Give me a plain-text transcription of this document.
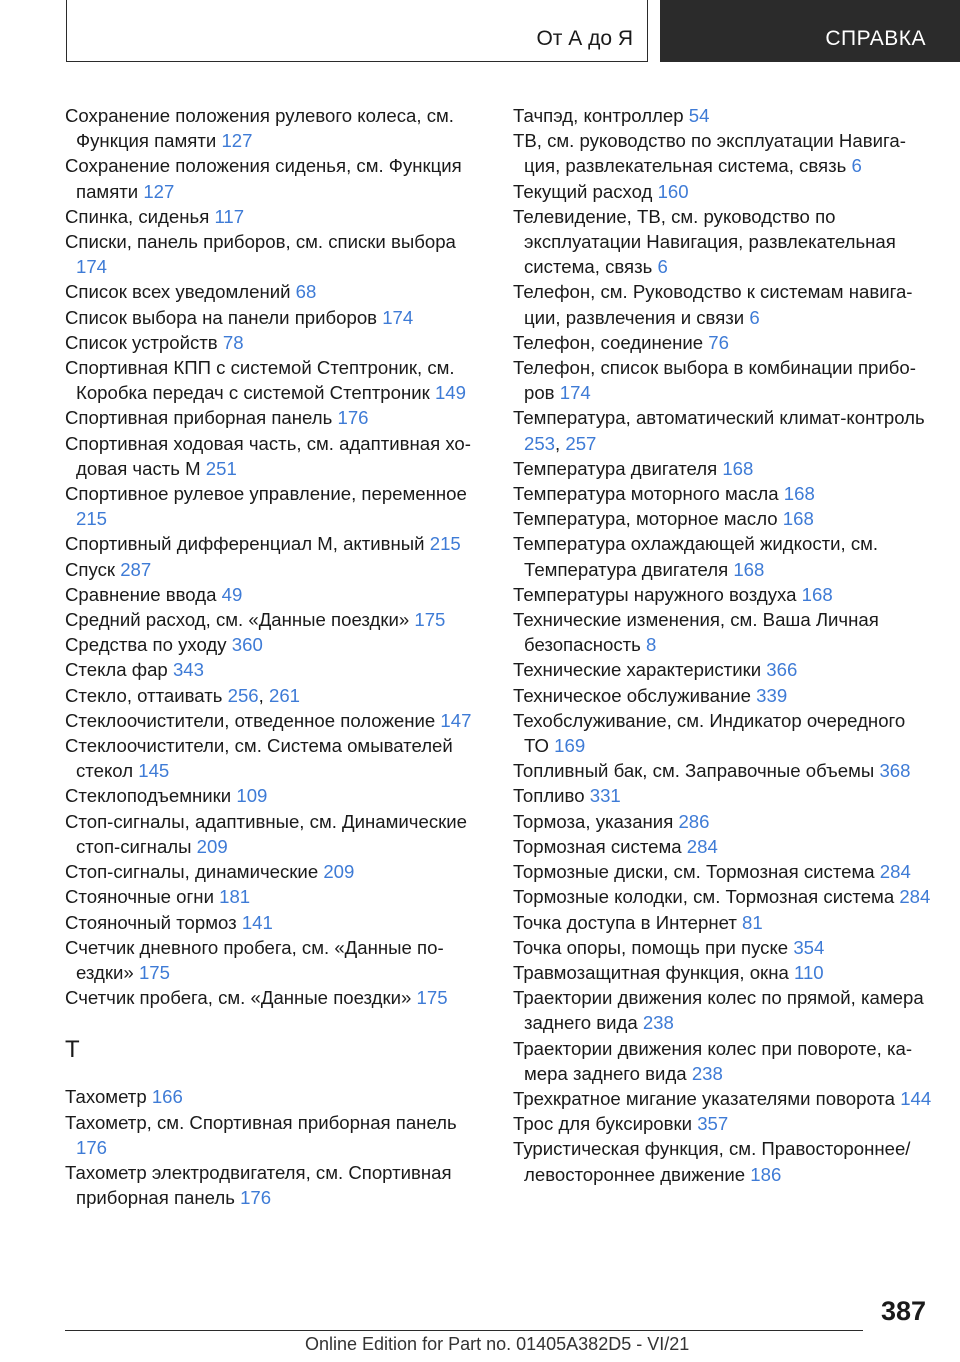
От А до Я	СПРАВКА

Сохранение положения рулевого колеса, см. Функция памяти 127

Сохранение положения сиденья, см. Функция памяти 127

Спинка, сиденья 117

Списки, панель приборов, см. списки выбора 174

Список всех уведомлений 68

Список выбора на панели приборов 174

Список устройств 78

Спортивная КПП с системой Стептроник, см. Коробка передач с системой Стептроник 149

Спортивная приборная панель 176

Спортивная ходовая часть, см. адаптивная ходовая часть M 251

Спортивное рулевое управление, переменное 215

Спортивный дифференциал M, активный 215

Спуск 287

Сравнение ввода 49

Средний расход, см. «Данные поездки» 175

Средства по уходу 360

Стекла фар 343

Стекло, оттаивать 256, 261

Стеклоочистители, отведенное положение 147

Стеклоочистители, см. Система омывателей стекол 145

Стеклоподъемники 109

Стоп-сигналы, адаптивные, см. Динамические стоп-сигналы 209

Стоп-сигналы, динамические 209

Стояночные огни 181

Стояночный тормоз 141

Счетчик дневного пробега, см. «Данные поездки» 175

Счетчик пробега, см. «Данные поездки» 175

Т

Тахометр 166

Тахометр, см. Спортивная приборная панель 176

Тахометр электродвигателя, см. Спортивная приборная панель 176

Тачпэд, контроллер 54

ТВ, см. руководство по эксплуатации Навигация, развлекательная система, связь 6

Текущий расход 160

Телевидение, ТВ, см. руководство по эксплуатации Навигация, развлекательная система, связь 6

Телефон, см. Руководство к системам навигации, развлечения и связи 6

Телефон, соединение 76

Телефон, список выбора в комбинации приборов 174

Температура, автоматический климат-контроль 253, 257

Температура двигателя 168

Температура моторного масла 168

Температура, моторное масло 168

Температура охлаждающей жидкости, см. Температура двигателя 168

Температуры наружного воздуха 168

Технические изменения, см. Ваша Личная безопасность 8

Технические характеристики 366

Техническое обслуживание 339

Техобслуживание, см. Индикатор очередного ТО 169

Топливный бак, см. Заправочные объемы 368

Топливо 331

Тормоза, указания 286

Тормозная система 284

Тормозные диски, см. Тормозная система 284

Тормозные колодки, см. Тормозная система 284

Точка доступа в Интернет 81

Точка опоры, помощь при пуске 354

Травмозащитная функция, окна 110

Траектории движения колес по прямой, камера заднего вида 238

Траектории движения колес при повороте, камера заднего вида 238

Трехкратное мигание указателями поворота 144

Трос для буксировки 357

Туристическая функция, см. Правостороннее/левостороннее движение 186

387
Online Edition for Part no. 01405A382D5 - VI/21
